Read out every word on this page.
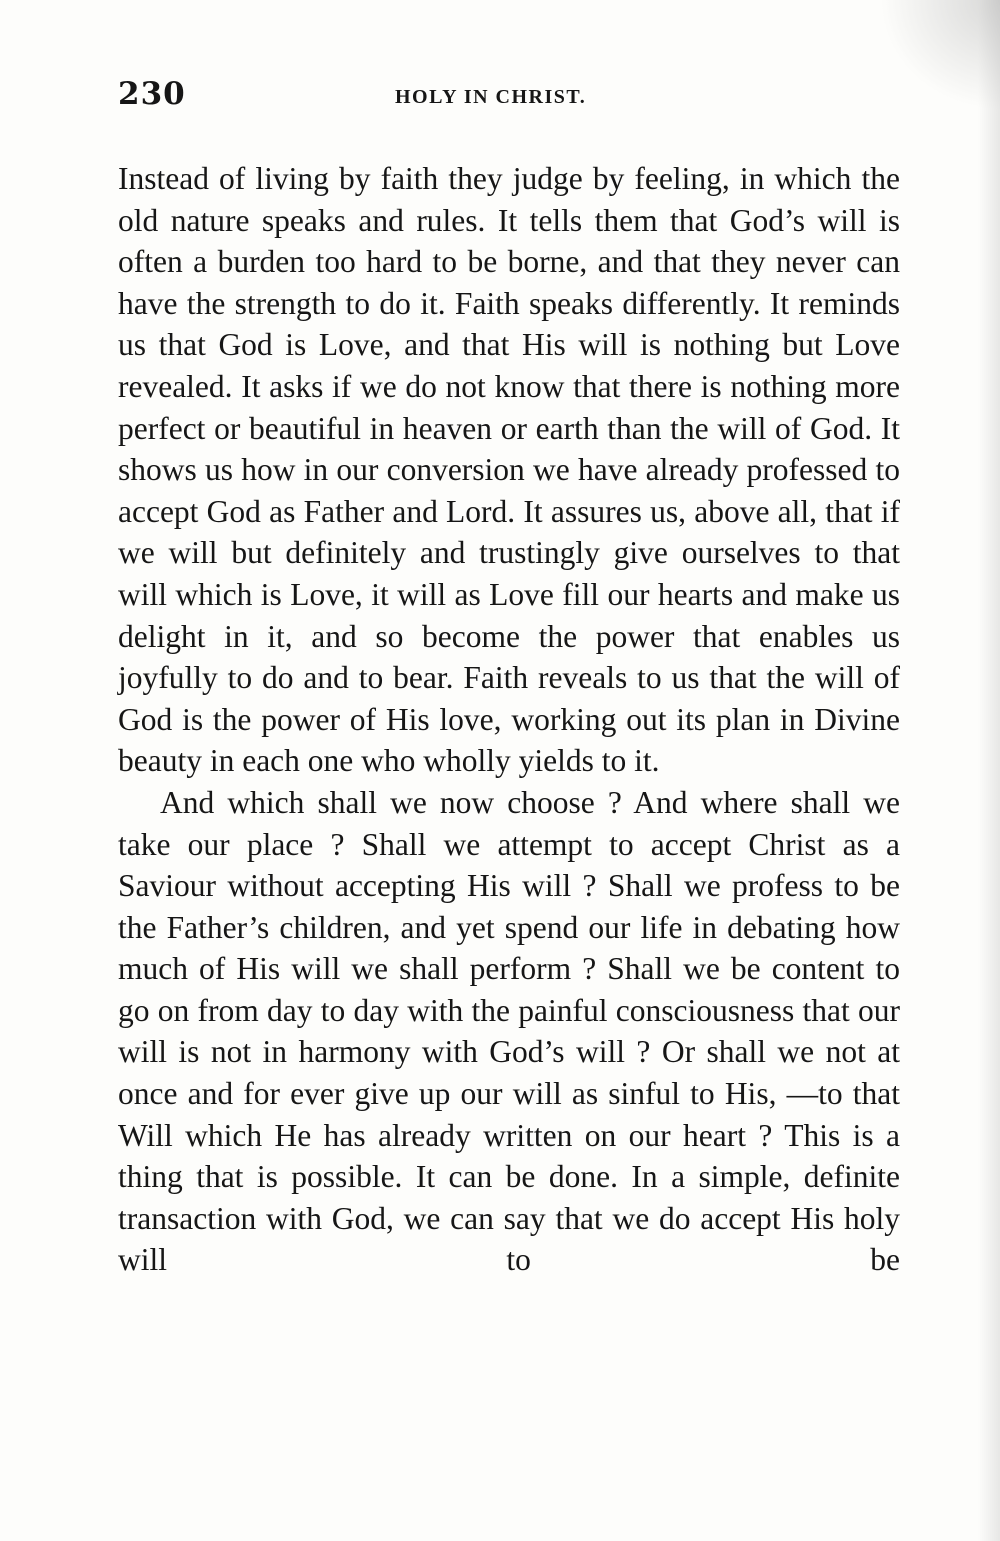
230	HOLY IN CHRIST.

Instead of living by faith they judge by feeling, in which the old nature speaks and rules. It tells them that God’s will is often a burden too hard to be borne, and that they never can have the strength to do it. Faith speaks differently. It reminds us that God is Love, and that His will is nothing but Love revealed. It asks if we do not know that there is nothing more perfect or beautiful in heaven or earth than the will of God. It shows us how in our conversion we have already professed to accept God as Father and Lord. It assures us, above all, that if we will but definitely and trustingly give ourselves to that will which is Love, it will as Love fill our hearts and make us delight in it, and so become the power that enables us joyfully to do and to bear. Faith reveals to us that the will of God is the power of His love, working out its plan in Divine beauty in each one who wholly yields to it.

And which shall we now choose ? And where shall we take our place ? Shall we attempt to accept Christ as a Saviour without accepting His will ? Shall we profess to be the Father’s children, and yet spend our life in debating how much of His will we shall perform ? Shall we be content to go on from day to day with the painful consciousness that our will is not in harmony with God’s will ? Or shall we not at once and for ever give up our will as sinful to His, —to that Will which He has already written on our heart ? This is a thing that is possible. It can be done. In a simple, definite transaction with God, we can say that we do accept His holy will to be
